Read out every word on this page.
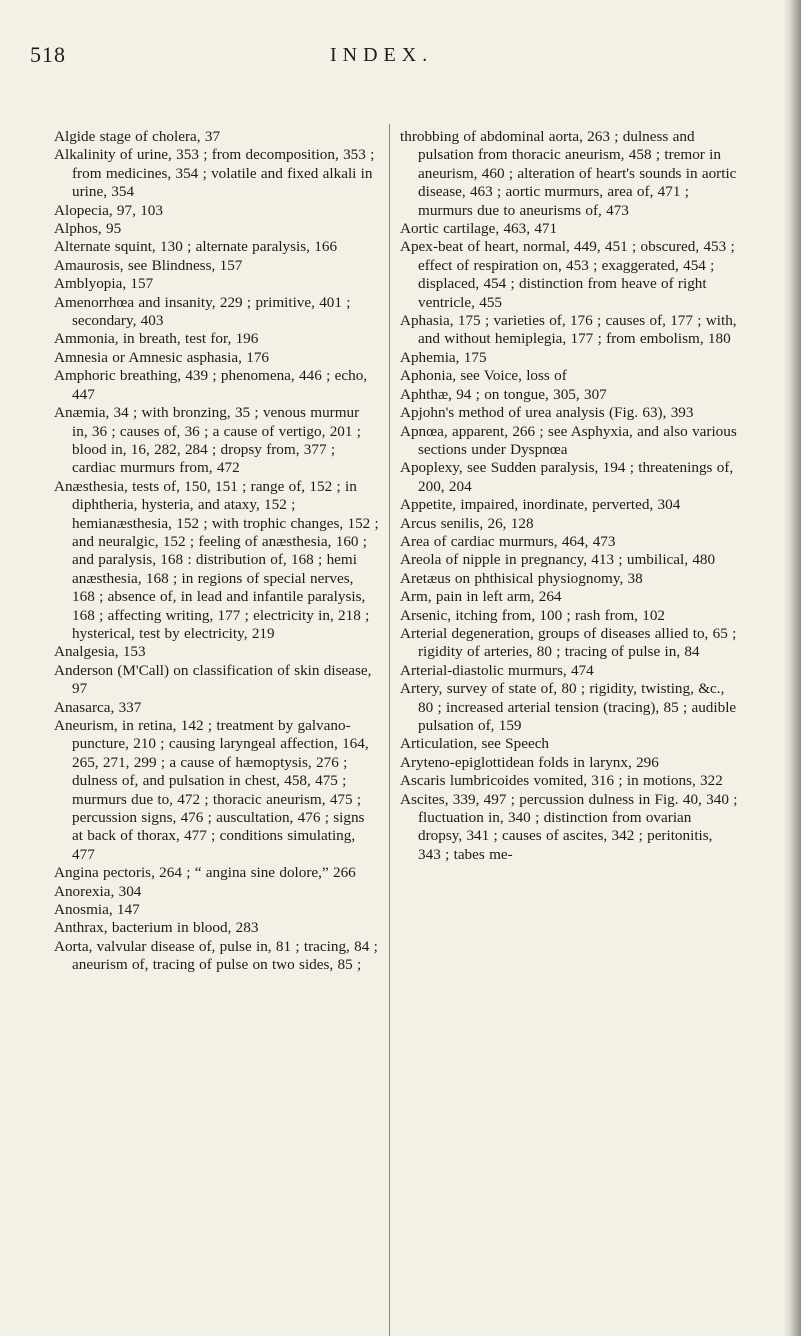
518	INDEX.

Algide stage of cholera, 37

Alkalinity of urine, 353 ; from decomposition, 353 ; from medicines, 354 ; volatile and fixed alkali in urine, 354

Alopecia, 97, 103

Alphos, 95

Alternate squint, 130 ; alternate paralysis, 166

Amaurosis, see Blindness, 157

Amblyopia, 157

Amenorrhœa and insanity, 229 ; primitive, 401 ; secondary, 403

Ammonia, in breath, test for, 196

Amnesia or Amnesic asphasia, 176

Amphoric breathing, 439 ; phenomena, 446 ; echo, 447

Anæmia, 34 ; with bronzing, 35 ; venous murmur in, 36 ; causes of, 36 ; a cause of vertigo, 201 ; blood in, 16, 282, 284 ; dropsy from, 377 ; cardiac murmurs from, 472

Anæsthesia, tests of, 150, 151 ; range of, 152 ; in diphtheria, hysteria, and ataxy, 152 ; hemianæsthesia, 152 ; with trophic changes, 152 ; and neuralgic, 152 ; feeling of anæsthesia, 160 ; and paralysis, 168 : distribution of, 168 ; hemi anæsthesia, 168 ; in regions of special nerves, 168 ; absence of, in lead and infantile paralysis, 168 ; affecting writing, 177 ; electricity in, 218 ; hysterical, test by electricity, 219

Analgesia, 153

Anderson (M'Call) on classification of skin disease, 97

Anasarca, 337

Aneurism, in retina, 142 ; treatment by galvano-puncture, 210 ; causing laryngeal affection, 164, 265, 271, 299 ; a cause of hæmoptysis, 276 ; dulness of, and pulsation in chest, 458, 475 ; murmurs due to, 472 ; thoracic aneurism, 475 ; percussion signs, 476 ; auscultation, 476 ; signs at back of thorax, 477 ; conditions simulating, 477

Angina pectoris, 264 ; “ angina sine dolore,” 266

Anorexia, 304

Anosmia, 147

Anthrax, bacterium in blood, 283

Aorta, valvular disease of, pulse in, 81 ; tracing, 84 ; aneurism of, tracing of pulse on two sides, 85 ;

throbbing of abdominal aorta, 263 ; dulness and pulsation from thoracic aneurism, 458 ; tremor in aneurism, 460 ; alteration of heart's sounds in aortic disease, 463 ; aortic murmurs, area of, 471 ; murmurs due to aneurisms of, 473

Aortic cartilage, 463, 471

Apex-beat of heart, normal, 449, 451 ; obscured, 453 ; effect of respiration on, 453 ; exaggerated, 454 ; displaced, 454 ; distinction from heave of right ventricle, 455

Aphasia, 175 ; varieties of, 176 ; causes of, 177 ; with, and without hemiplegia, 177 ; from embolism, 180

Aphemia, 175

Aphonia, see Voice, loss of

Aphthæ, 94 ; on tongue, 305, 307

Apjohn's method of urea analysis (Fig. 63), 393

Apnœa, apparent, 266 ; see Asphyxia, and also various sections under Dyspnœa

Apoplexy, see Sudden paralysis, 194 ; threatenings of, 200, 204

Appetite, impaired, inordinate, perverted, 304

Arcus senilis, 26, 128

Area of cardiac murmurs, 464, 473

Areola of nipple in pregnancy, 413 ; umbilical, 480

Aretæus on phthisical physiognomy, 38

Arm, pain in left arm, 264

Arsenic, itching from, 100 ; rash from, 102

Arterial degeneration, groups of diseases allied to, 65 ; rigidity of arteries, 80 ; tracing of pulse in, 84

Arterial-diastolic murmurs, 474

Artery, survey of state of, 80 ; rigidity, twisting, &c., 80 ; increased arterial tension (tracing), 85 ; audible pulsation of, 159

Articulation, see Speech

Aryteno-epiglottidean folds in larynx, 296

Ascaris lumbricoides vomited, 316 ; in motions, 322

Ascites, 339, 497 ; percussion dulness in Fig. 40, 340 ; fluctuation in, 340 ; distinction from ovarian dropsy, 341 ; causes of ascites, 342 ; peritonitis, 343 ; tabes me-
